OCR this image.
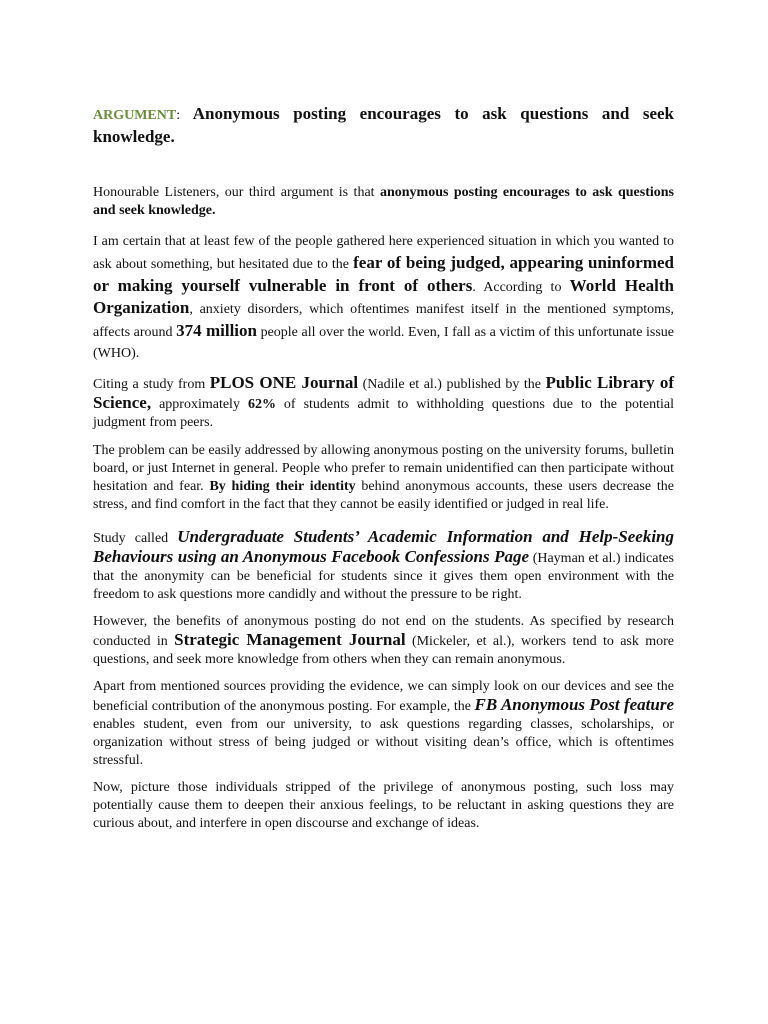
ARGUMENT: Anonymous posting encourages to ask questions and seek knowledge.

Honourable Listeners, our third argument is that anonymous posting encourages to ask questions and seek knowledge.

I am certain that at least few of the people gathered here experienced situation in which you wanted to ask about something, but hesitated due to the fear of being judged, appearing uninformed or making yourself vulnerable in front of others. According to World Health Organization, anxiety disorders, which oftentimes manifest itself in the mentioned symptoms, affects around 374 million people all over the world. Even, I fall as a victim of this unfortunate issue (WHO).

Citing a study from PLOS ONE Journal (Nadile et al.) published by the Public Library of Science, approximately 62% of students admit to withholding questions due to the potential judgment from peers.

The problem can be easily addressed by allowing anonymous posting on the university forums, bulletin board, or just Internet in general. People who prefer to remain unidentified can then participate without hesitation and fear. By hiding their identity behind anonymous accounts, these users decrease the stress, and find comfort in the fact that they cannot be easily identified or judged in real life.

Study called Undergraduate Students’ Academic Information and Help-Seeking Behaviours using an Anonymous Facebook Confessions Page (Hayman et al.) indicates that the anonymity can be beneficial for students since it gives them open environment with the freedom to ask questions more candidly and without the pressure to be right.

However, the benefits of anonymous posting do not end on the students. As specified by research conducted in Strategic Management Journal (Mickeler, et al.), workers tend to ask more questions, and seek more knowledge from others when they can remain anonymous.

Apart from mentioned sources providing the evidence, we can simply look on our devices and see the beneficial contribution of the anonymous posting. For example, the FB Anonymous Post feature enables student, even from our university, to ask questions regarding classes, scholarships, or organization without stress of being judged or without visiting dean’s office, which is oftentimes stressful.

Now, picture those individuals stripped of the privilege of anonymous posting, such loss may potentially cause them to deepen their anxious feelings, to be reluctant in asking questions they are curious about, and interfere in open discourse and exchange of ideas.
